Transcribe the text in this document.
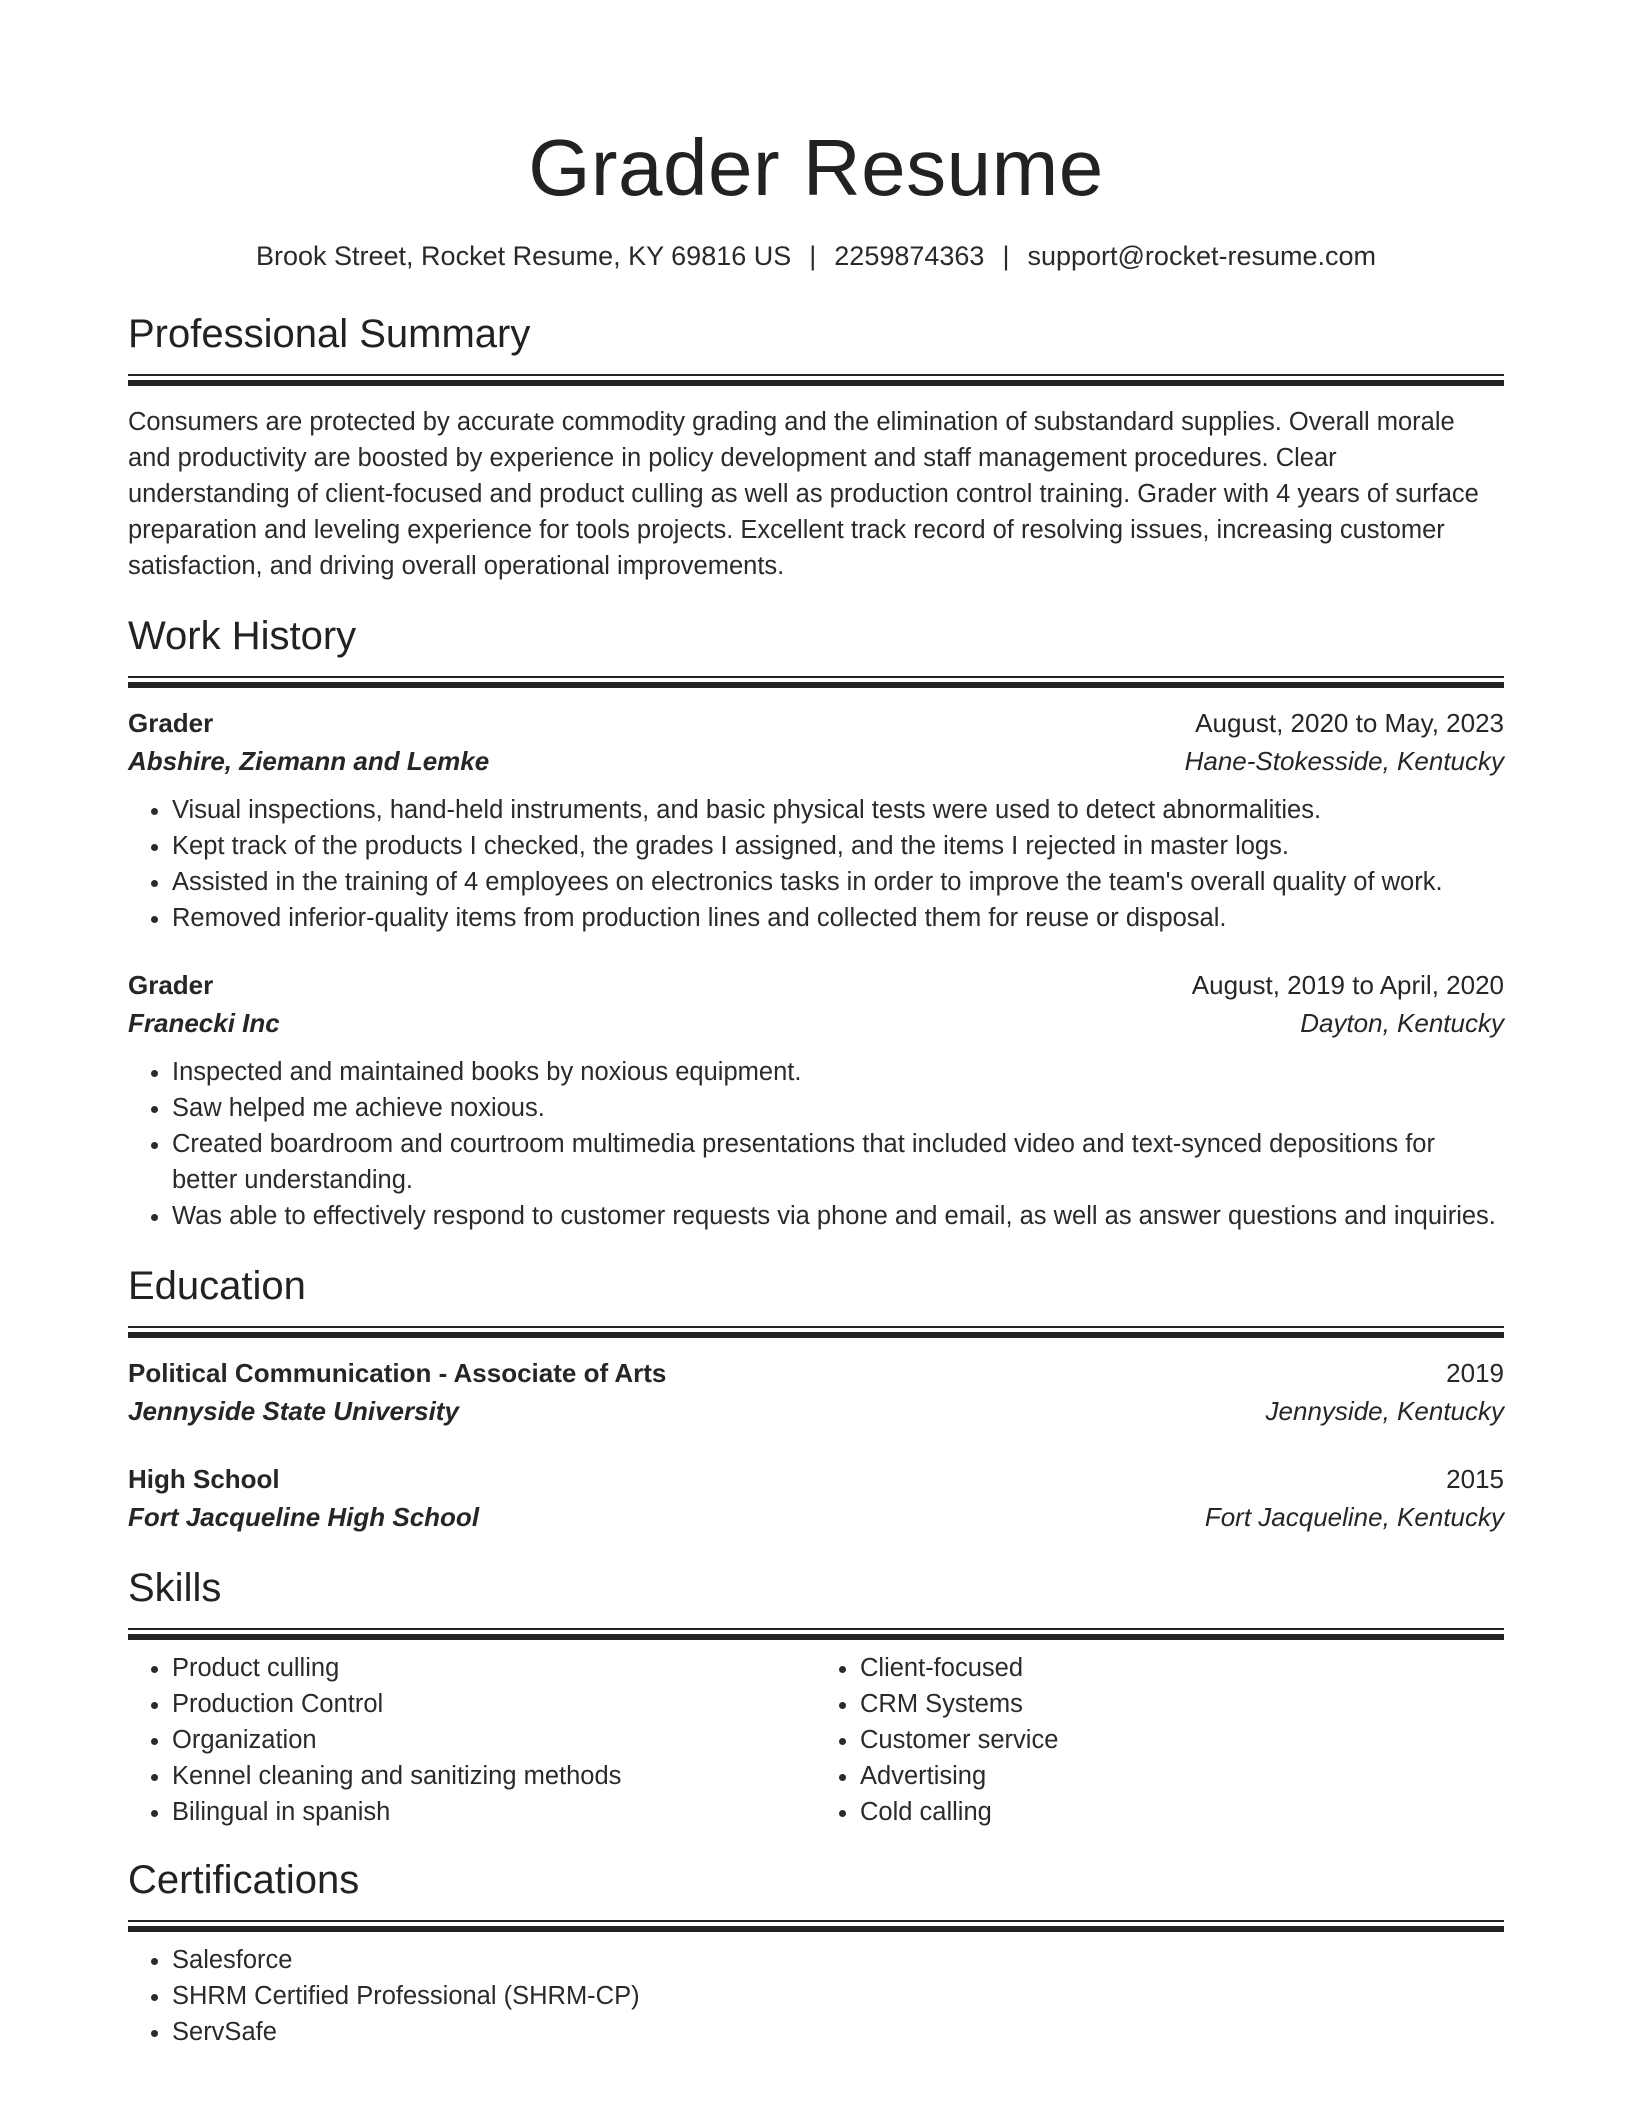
Grader Resume
Brook Street, Rocket Resume, KY 69816 US | 2259874363 | support@rocket-resume.com
Professional Summary

Consumers are protected by accurate commodity grading and the elimination of substandard supplies. Overall morale and productivity are boosted by experience in policy development and staff management procedures. Clear understanding of client-focused and product culling as well as production control training. Grader with 4 years of surface preparation and leveling experience for tools projects. Excellent track record of resolving issues, increasing customer satisfaction, and driving overall operational improvements.

Work History
Grader	August, 2020 to May, 2023
Abshire, Ziemann and Lemke	Hane-Stokesside, Kentucky
• Visual inspections, hand-held instruments, and basic physical tests were used to detect abnormalities.
• Kept track of the products I checked, the grades I assigned, and the items I rejected in master logs.
• Assisted in the training of 4 employees on electronics tasks in order to improve the team's overall quality of work.
• Removed inferior-quality items from production lines and collected them for reuse or disposal.
Grader	August, 2019 to April, 2020
Franecki Inc	Dayton, Kentucky
• Inspected and maintained books by noxious equipment.
• Saw helped me achieve noxious.
• Created boardroom and courtroom multimedia presentations that included video and text-synced depositions for better understanding.
• Was able to effectively respond to customer requests via phone and email, as well as answer questions and inquiries.
Education
Political Communication - Associate of Arts	2019
Jennyside State University	Jennyside, Kentucky
High School	2015
Fort Jacqueline High School	Fort Jacqueline, Kentucky
Skills
• Product culling
• Production Control
• Organization
• Kennel cleaning and sanitizing methods
• Bilingual in spanish
• Client-focused
• CRM Systems
• Customer service
• Advertising
• Cold calling
Certifications
• Salesforce
• SHRM Certified Professional (SHRM-CP)
• ServSafe
